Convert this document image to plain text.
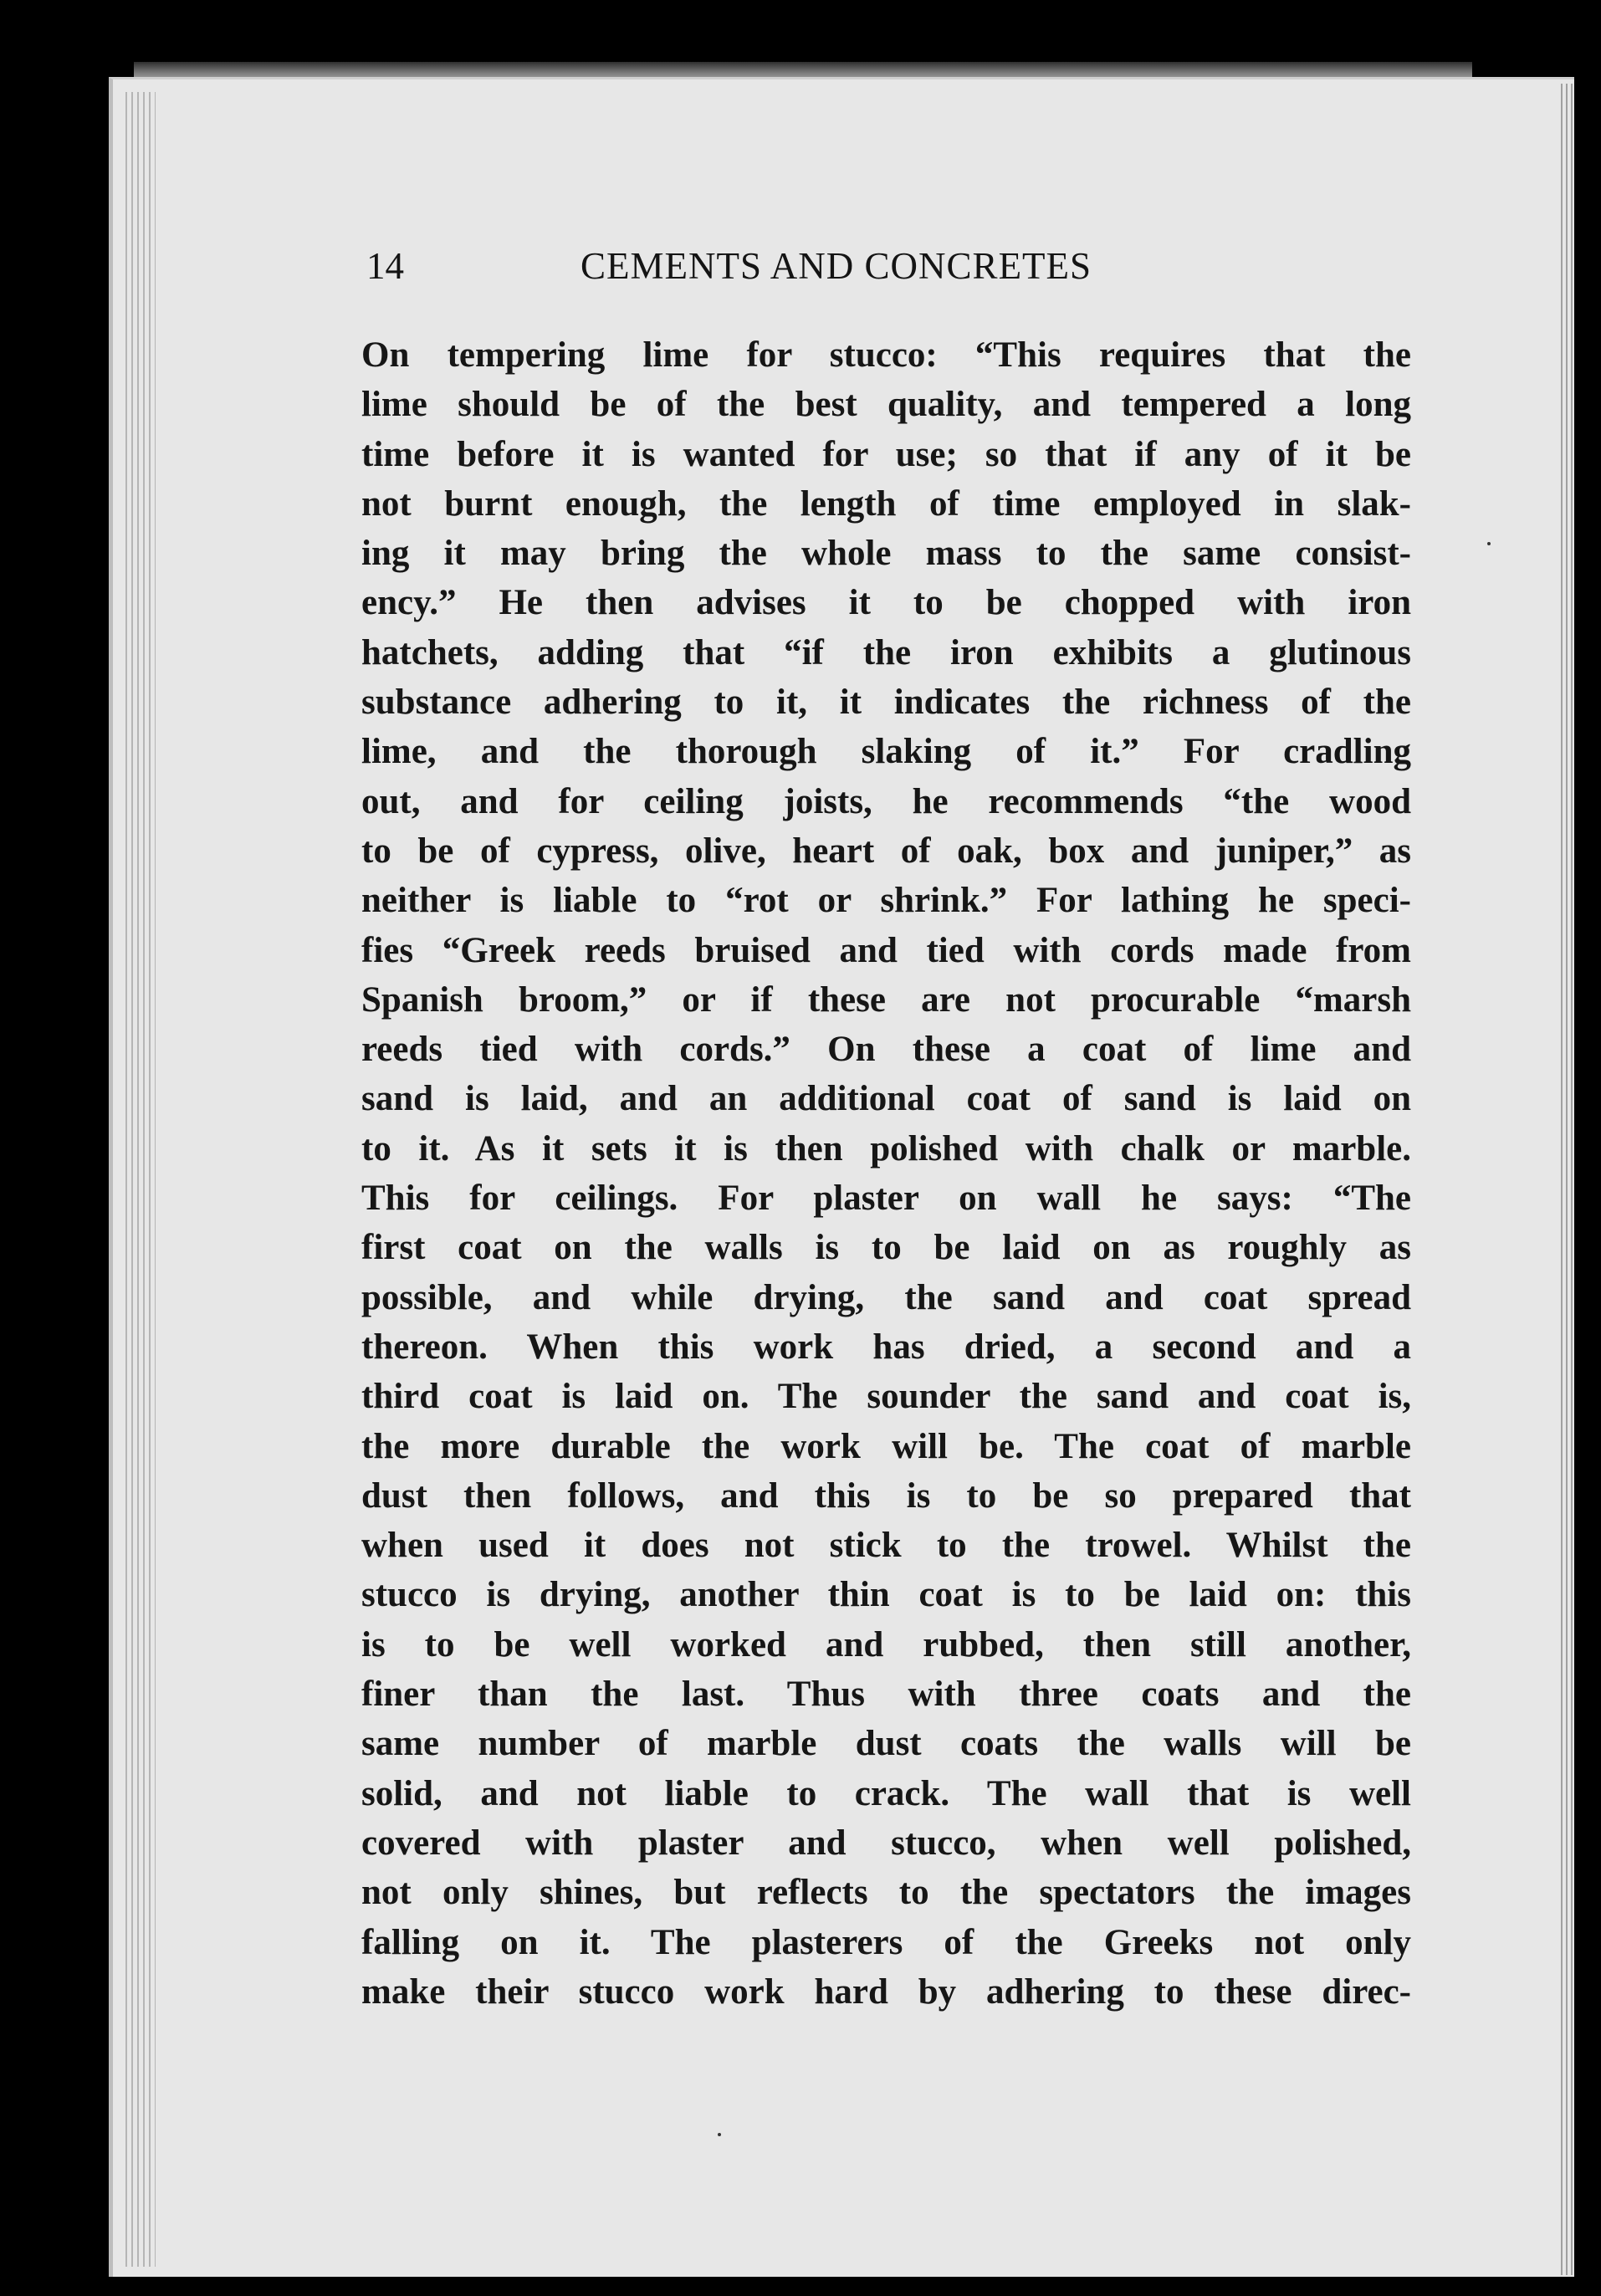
14	CEMENTS AND CONCRETES
On tempering lime for stucco: “This requires that the
lime should be of the best quality, and tempered a long
time before it is wanted for use; so that if any of it be
not burnt enough, the length of time employed in slak-
ing it may bring the whole mass to the same consist-
ency.” He then advises it to be chopped with iron
hatchets, adding that “if the iron exhibits a glutinous
substance adhering to it, it indicates the richness of the
lime, and the thorough slaking of it.” For cradling
out, and for ceiling joists, he recommends “the wood
to be of cypress, olive, heart of oak, box and juniper,” as
neither is liable to “rot or shrink.” For lathing he speci-
fies “Greek reeds bruised and tied with cords made from
Spanish broom,” or if these are not procurable “marsh
reeds tied with cords.” On these a coat of lime and
sand is laid, and an additional coat of sand is laid on
to it. As it sets it is then polished with chalk or marble.
This for ceilings. For plaster on wall he says: “The
first coat on the walls is to be laid on as roughly as
possible, and while drying, the sand and coat spread
thereon. When this work has dried, a second and a
third coat is laid on. The sounder the sand and coat is,
the more durable the work will be. The coat of marble
dust then follows, and this is to be so prepared that
when used it does not stick to the trowel. Whilst the
stucco is drying, another thin coat is to be laid on: this
is to be well worked and rubbed, then still another,
finer than the last. Thus with three coats and the
same number of marble dust coats the walls will be
solid, and not liable to crack. The wall that is well
covered with plaster and stucco, when well polished,
not only shines, but reflects to the spectators the images
falling on it. The plasterers of the Greeks not only
make their stucco work hard by adhering to these direc-
